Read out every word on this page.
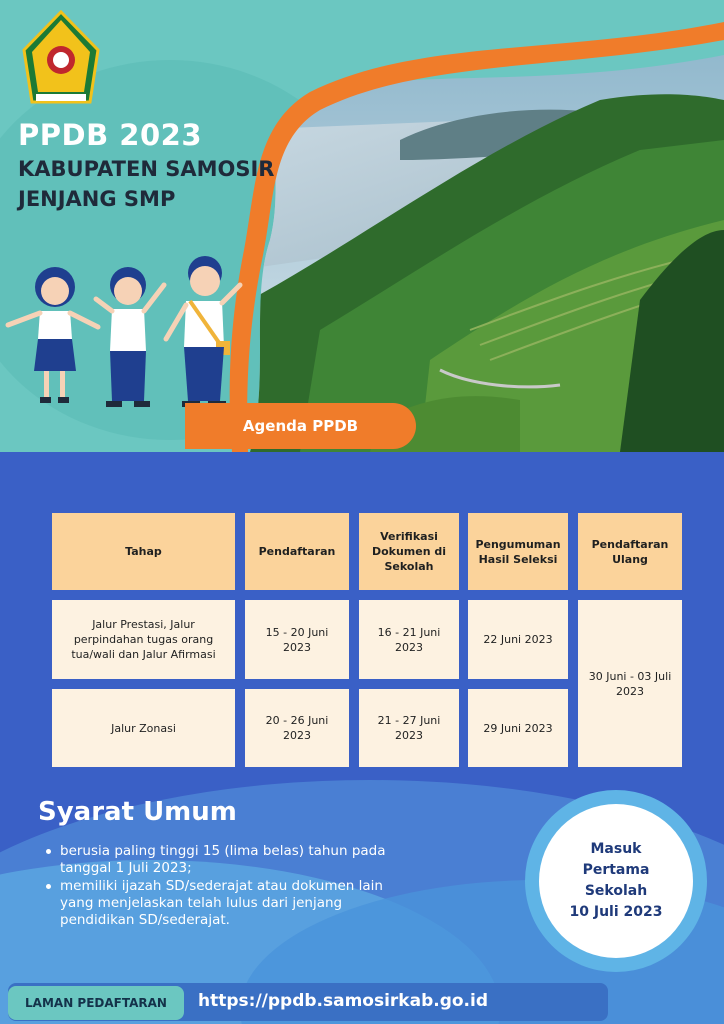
PPDB 2023
KABUPATEN SAMOSIR
JENJANG SMP
Agenda PPDB
Tahap	Pendaftaran
Verifikasi Dokumen di Sekolah
Pengumuman Hasil Seleksi
Pendaftaran Ulang
Jalur Prestasi, Jalur perpindahan tugas orang tua/wali dan Jalur Afirmasi
15 - 20 Juni 2023
16 - 21 Juni 2023
22 Juni 2023
Jalur Zonasi
20 - 26 Juni 2023
21 - 27 Juni 2023
29 Juni 2023
30 Juni - 03 Juli 2023
Syarat Umum
berusia paling tinggi 15 (lima belas) tahun pada tanggal 1 Juli 2023;
memiliki ijazah SD/sederajat atau dokumen lain yang menjelaskan telah lulus dari jenjang pendidikan SD/sederajat.
Masuk
Pertama Sekolah
10 Juli 2023
LAMAN PEDAFTARAN	https://ppdb.samosirkab.go.id
